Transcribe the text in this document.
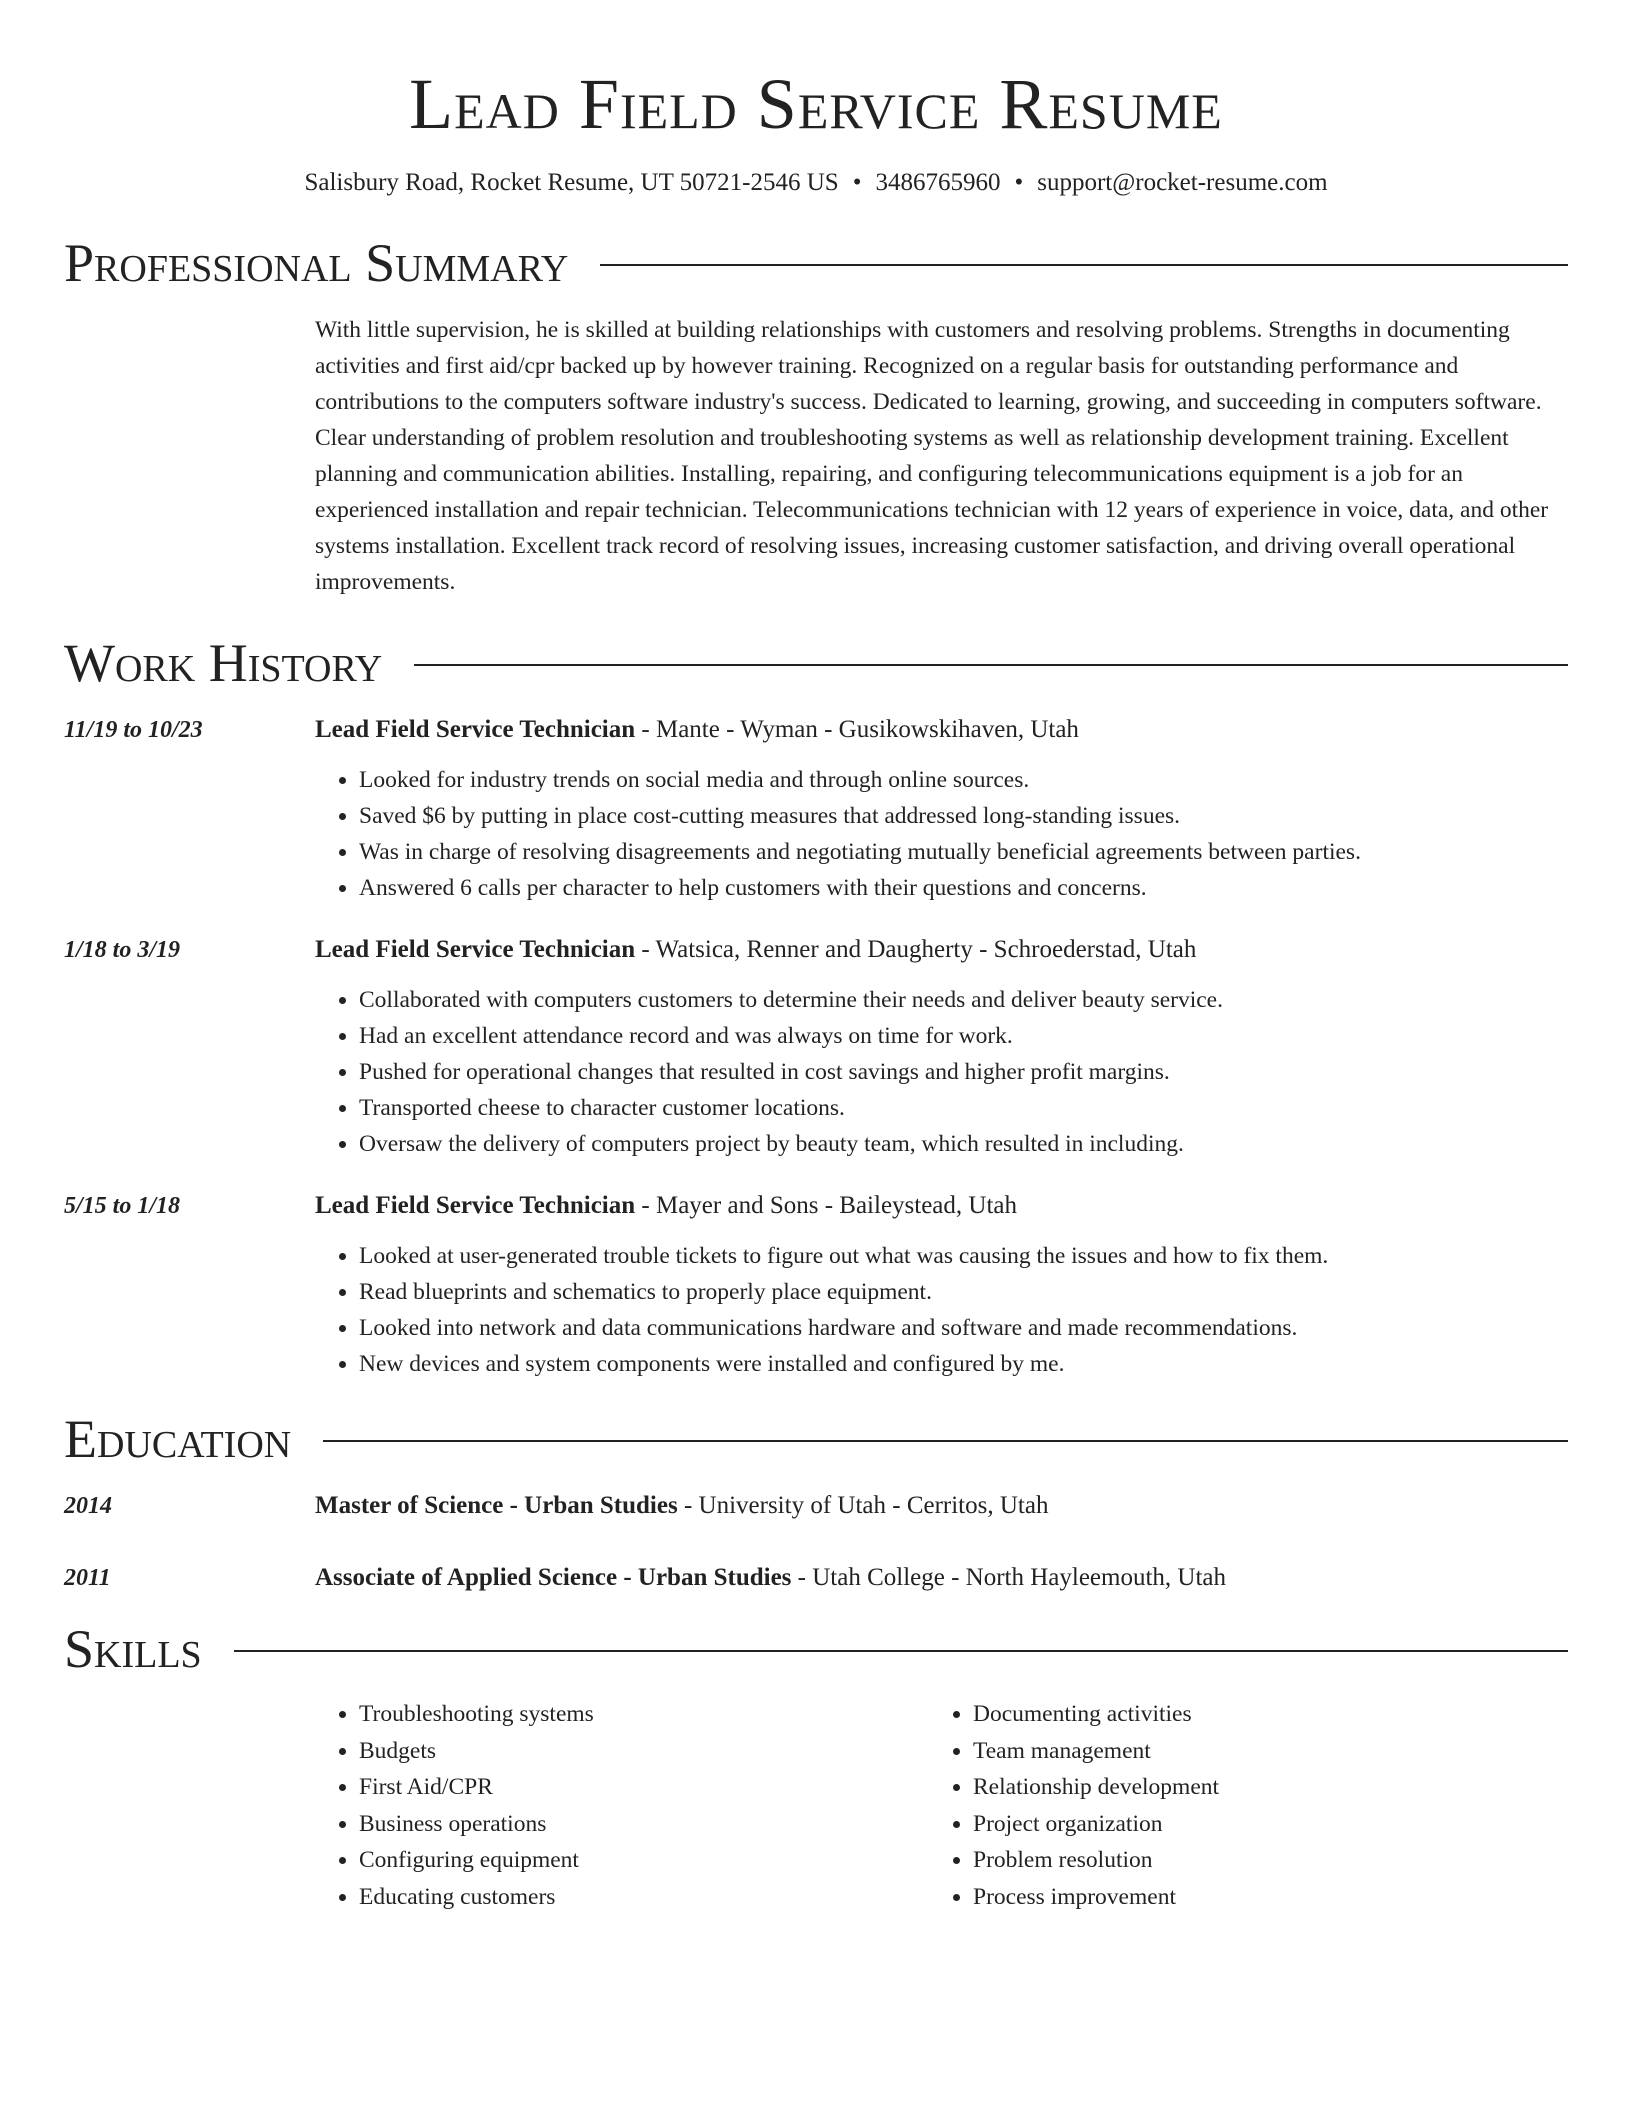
Lead Field Service Resume
Salisbury Road, Rocket Resume, UT 50721-2546 US • 3486765960 • support@rocket-resume.com
Professional Summary
With little supervision, he is skilled at building relationships with customers and resolving problems. Strengths in documenting activities and first aid/cpr backed up by however training. Recognized on a regular basis for outstanding performance and contributions to the computers software industry's success. Dedicated to learning, growing, and succeeding in computers software. Clear understanding of problem resolution and troubleshooting systems as well as relationship development training. Excellent planning and communication abilities. Installing, repairing, and configuring telecommunications equipment is a job for an experienced installation and repair technician. Telecommunications technician with 12 years of experience in voice, data, and other systems installation. Excellent track record of resolving issues, increasing customer satisfaction, and driving overall operational improvements.
Work History
11/19 to 10/23	Lead Field Service Technician - Mante - Wyman - Gusikowskihaven, Utah
• Looked for industry trends on social media and through online sources.
• Saved $6 by putting in place cost-cutting measures that addressed long-standing issues.
• Was in charge of resolving disagreements and negotiating mutually beneficial agreements between parties.
• Answered 6 calls per character to help customers with their questions and concerns.
1/18 to 3/19	Lead Field Service Technician - Watsica, Renner and Daugherty - Schroederstad, Utah
• Collaborated with computers customers to determine their needs and deliver beauty service.
• Had an excellent attendance record and was always on time for work.
• Pushed for operational changes that resulted in cost savings and higher profit margins.
• Transported cheese to character customer locations.
• Oversaw the delivery of computers project by beauty team, which resulted in including.
5/15 to 1/18	Lead Field Service Technician - Mayer and Sons - Baileystead, Utah
• Looked at user-generated trouble tickets to figure out what was causing the issues and how to fix them.
• Read blueprints and schematics to properly place equipment.
• Looked into network and data communications hardware and software and made recommendations.
• New devices and system components were installed and configured by me.
Education
2014	Master of Science - Urban Studies - University of Utah - Cerritos, Utah
2011	Associate of Applied Science - Urban Studies - Utah College - North Hayleemouth, Utah
Skills
• Troubleshooting systems
• Budgets
• First Aid/CPR
• Business operations
• Configuring equipment
• Educating customers
• Documenting activities
• Team management
• Relationship development
• Project organization
• Problem resolution
• Process improvement
